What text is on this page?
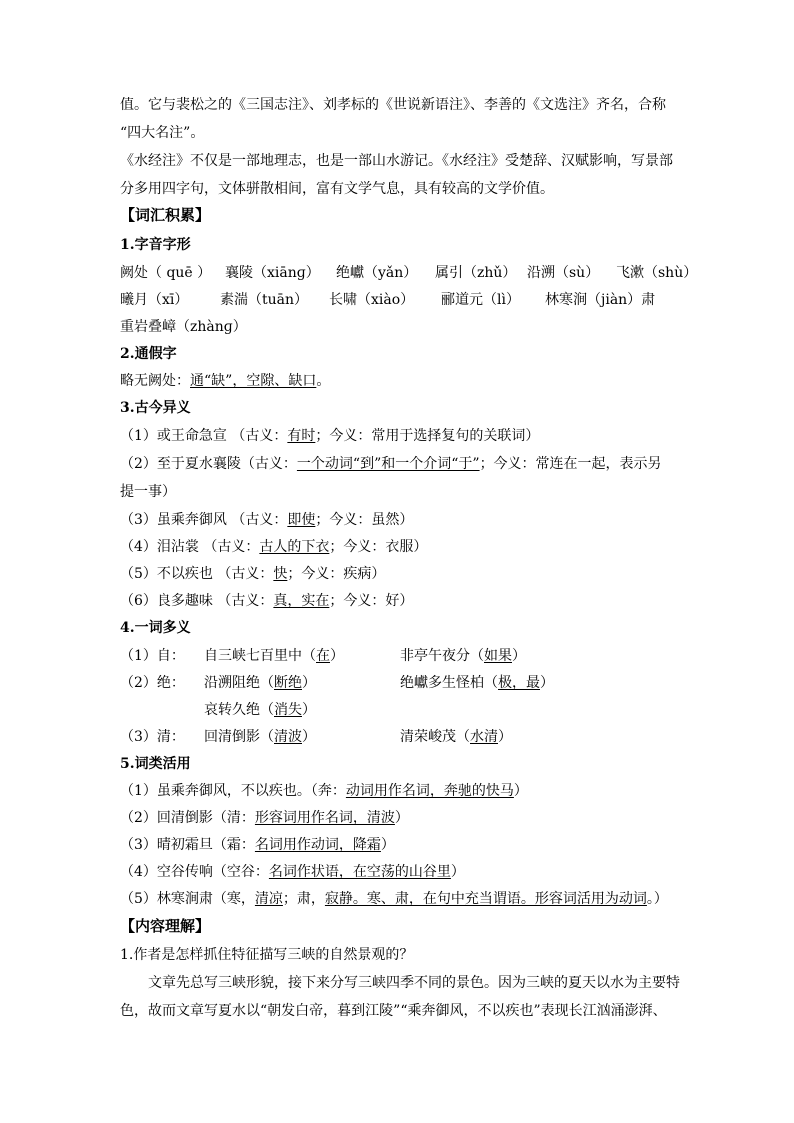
值。它与裴松之的《三国志注》、刘孝标的《世说新语注》、李善的《文选注》齐名，合称
“四大名注”。
《水经注》不仅是一部地理志，也是一部山水游记。《水经注》受楚辞、汉赋影响，写景部
分多用四字句，文体骈散相间，富有文学气息，具有较高的文学价值。
【词汇积累】
1.字音字形
阙处（ quē ） 襄陵（xiānɡ） 绝巘（yǎn） 属引（zhǔ） 沿溯（sù） 飞漱（shù）
曦月（xī） 素湍（tuān） 长啸（xiào） 郦道元（lì） 林寒涧（jiàn）肃
重岩叠嶂（zhànɡ）
2.通假字
略无阙处：通“缺”，空隙、缺口。
3.古今异义
（1）或王命急宣 （古义：有时；今义：常用于选择复句的关联词）
（2）至于夏水襄陵（古义：一个动词“到”和一个介词“于”；今义：常连在一起，表示另
提一事）
（3）虽乘奔御风 （古义：即使；今义：虽然）
（4）泪沾裳 （古义：古人的下衣；今义：衣服）
（5）不以疾也 （古义：快；今义：疾病）
（6）良多趣味 （古义：真，实在；今义：好）
4.一词多义
（1）自： 自三峡七百里中（在）	非亭午夜分（如果）
（2）绝： 沿溯阻绝（断绝）	绝巘多生怪柏（极，最）
哀转久绝（消失）
（3）清： 回清倒影（清波）	清荣峻茂（水清）
5.词类活用
（1）虽乘奔御风，不以疾也。（奔：动词用作名词，奔驰的快马）
（2）回清倒影（清：形容词用作名词，清波）
（3）晴初霜旦（霜：名词用作动词，降霜）
（4）空谷传响（空谷：名词作状语，在空荡的山谷里）
（5）林寒涧肃（寒，清凉；肃，寂静。寒、肃，在句中充当谓语。形容词活用为动词。）
【内容理解】
1.作者是怎样抓住特征描写三峡的自然景观的？
文章先总写三峡形貌，接下来分写三峡四季不同的景色。因为三峡的夏天以水为主要特
色，故而文章写夏水以“朝发白帝，暮到江陵”“乘奔御风，不以疾也”表现长江汹涌澎湃、
